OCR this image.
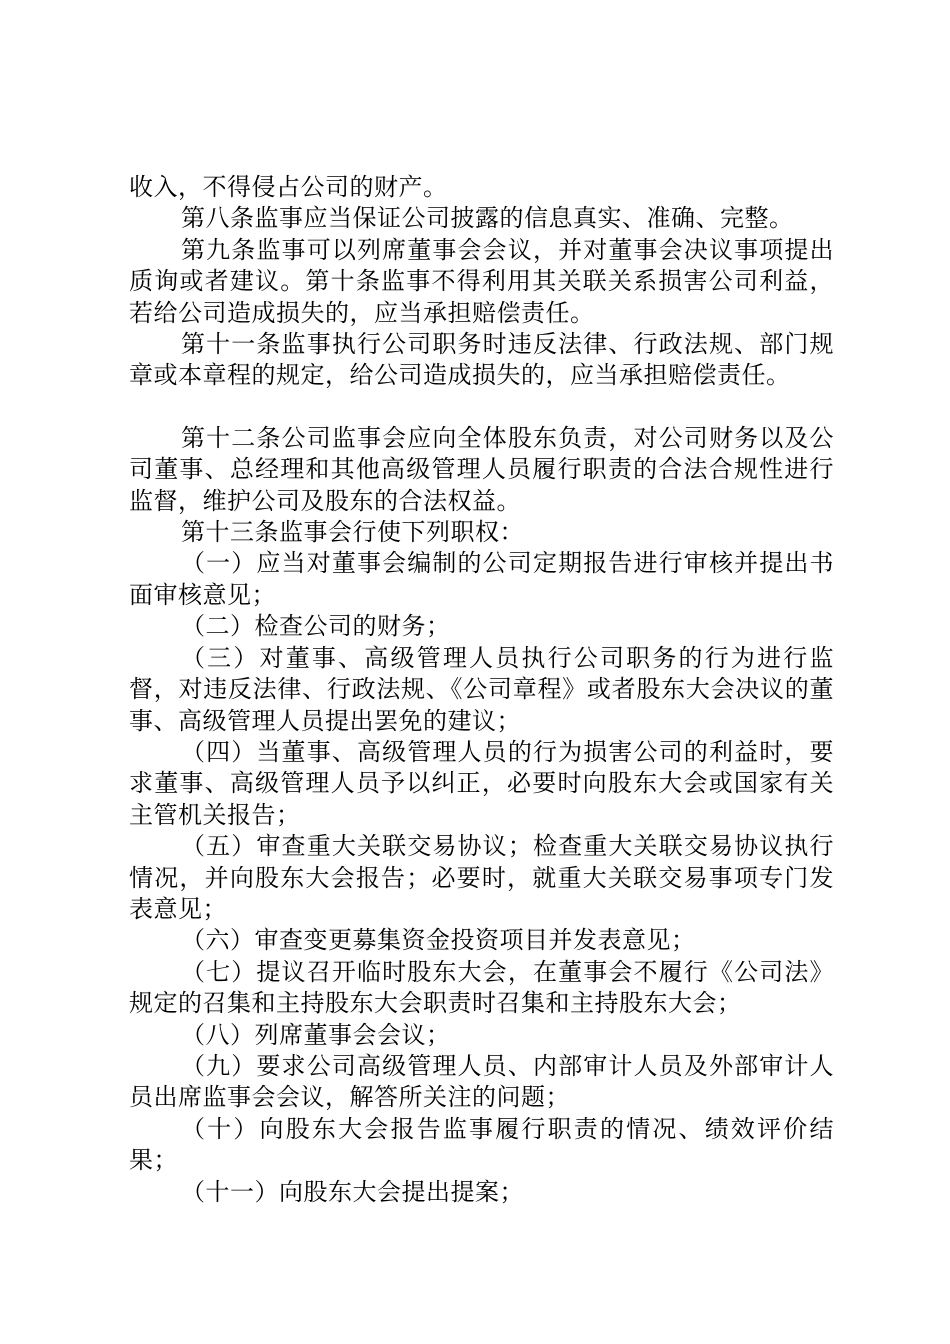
收入，不得侵占公司的财产。

第八条监事应当保证公司披露的信息真实、准确、完整。

第九条监事可以列席董事会会议，并对董事会决议事项提出质询或者建议。第十条监事不得利用其关联关系损害公司利益，若给公司造成损失的，应当承担赔偿责任。

第十一条监事执行公司职务时违反法律、行政法规、部门规章或本章程的规定，给公司造成损失的，应当承担赔偿责任。

第十二条公司监事会应向全体股东负责，对公司财务以及公司董事、总经理和其他高级管理人员履行职责的合法合规性进行监督，维护公司及股东的合法权益。

第十三条监事会行使下列职权：

（一）应当对董事会编制的公司定期报告进行审核并提出书面审核意见；

（二）检查公司的财务；

（三）对董事、高级管理人员执行公司职务的行为进行监督，对违反法律、行政法规、《公司章程》或者股东大会决议的董事、高级管理人员提出罢免的建议；

（四）当董事、高级管理人员的行为损害公司的利益时，要求董事、高级管理人员予以纠正，必要时向股东大会或国家有关主管机关报告；

（五）审查重大关联交易协议；检查重大关联交易协议执行情况，并向股东大会报告；必要时，就重大关联交易事项专门发表意见；

（六）审查变更募集资金投资项目并发表意见；

（七）提议召开临时股东大会，在董事会不履行《公司法》规定的召集和主持股东大会职责时召集和主持股东大会；

（八）列席董事会会议；

（九）要求公司高级管理人员、内部审计人员及外部审计人员出席监事会会议，解答所关注的问题；

（十）向股东大会报告监事履行职责的情况、绩效评价结果；

（十一）向股东大会提出提案；
